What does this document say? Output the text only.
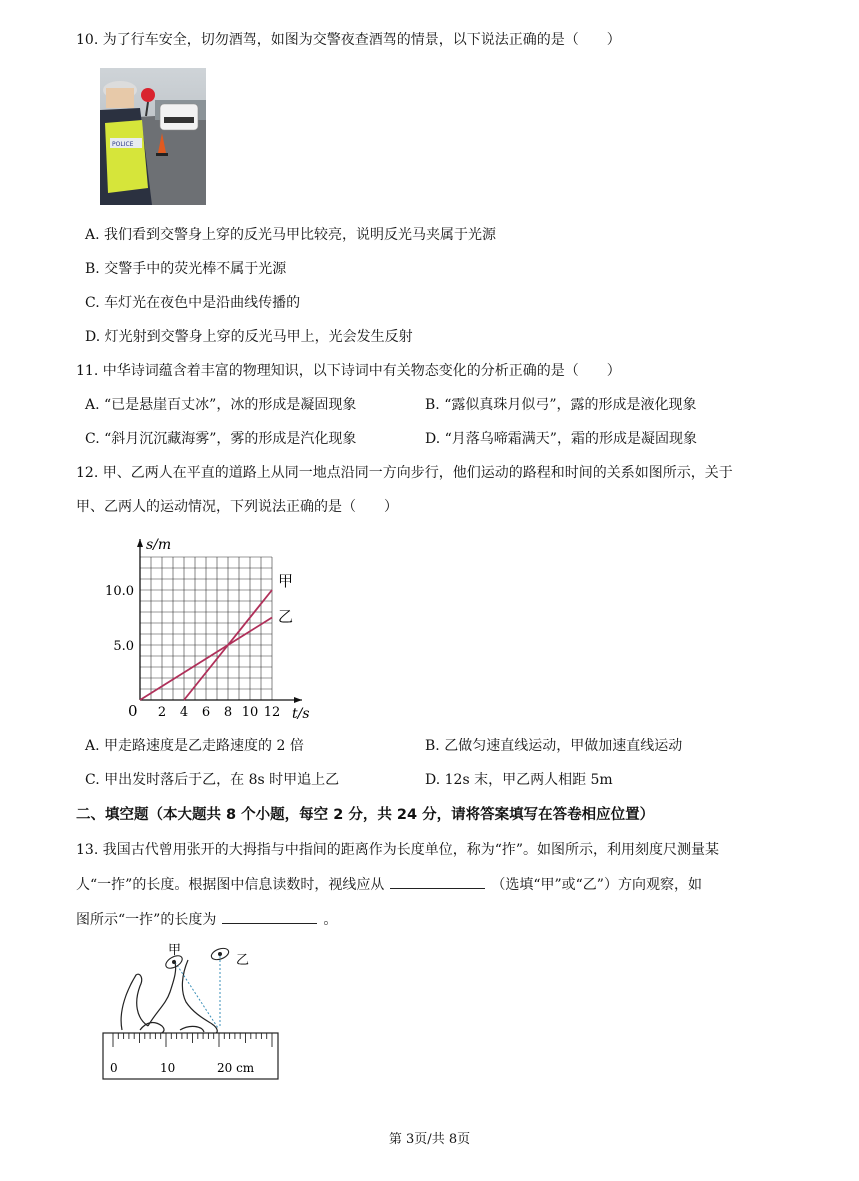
10. 为了行车安全，切勿酒驾，如图为交警夜查酒驾的情景，以下说法正确的是（　　）
POLICE
A. 我们看到交警身上穿的反光马甲比较亮，说明反光马夹属于光源
B. 交警手中的荧光棒不属于光源
C. 车灯光在夜色中是沿曲线传播的
D. 灯光射到交警身上穿的反光马甲上，光会发生反射
11. 中华诗词蕴含着丰富的物理知识，以下诗词中有关物态变化的分析正确的是（　　）
A. “已是悬崖百丈冰”，冰的形成是凝固现象	B. “露似真珠月似弓”，露的形成是液化现象
C. “斜月沉沉藏海雾”，雾的形成是汽化现象	D. “月落乌啼霜满天”，霜的形成是凝固现象
12. 甲、乙两人在平直的道路上从同一地点沿同一方向步行，他们运动的路程和时间的关系如图所示，关于
甲、乙两人的运动情况，下列说法正确的是（　　）
2 4 6 8 10 12
5.0
10.0
0	t/s
s/m
甲
乙
A. 甲走路速度是乙走路速度的 2 倍	B. 乙做匀速直线运动，甲做加速直线运动
C. 甲出发时落后于乙，在 8s 时甲追上乙	D. 12s 末，甲乙两人相距 5m
二、填空题（本大题共 8 个小题，每空 2 分，共 24 分，请将答案填写在答卷相应位置）
13. 我国古代曾用张开的大拇指与中指间的距离作为长度单位，称为“拃”。如图所示，利用刻度尺测量某
人“一拃”的长度。根据图中信息读数时，视线应从	（选填“甲”或“乙”）方向观察，如
图所示“一拃”的长度为	。
甲
乙
0	10	20 cm
第 3页/共 8页
